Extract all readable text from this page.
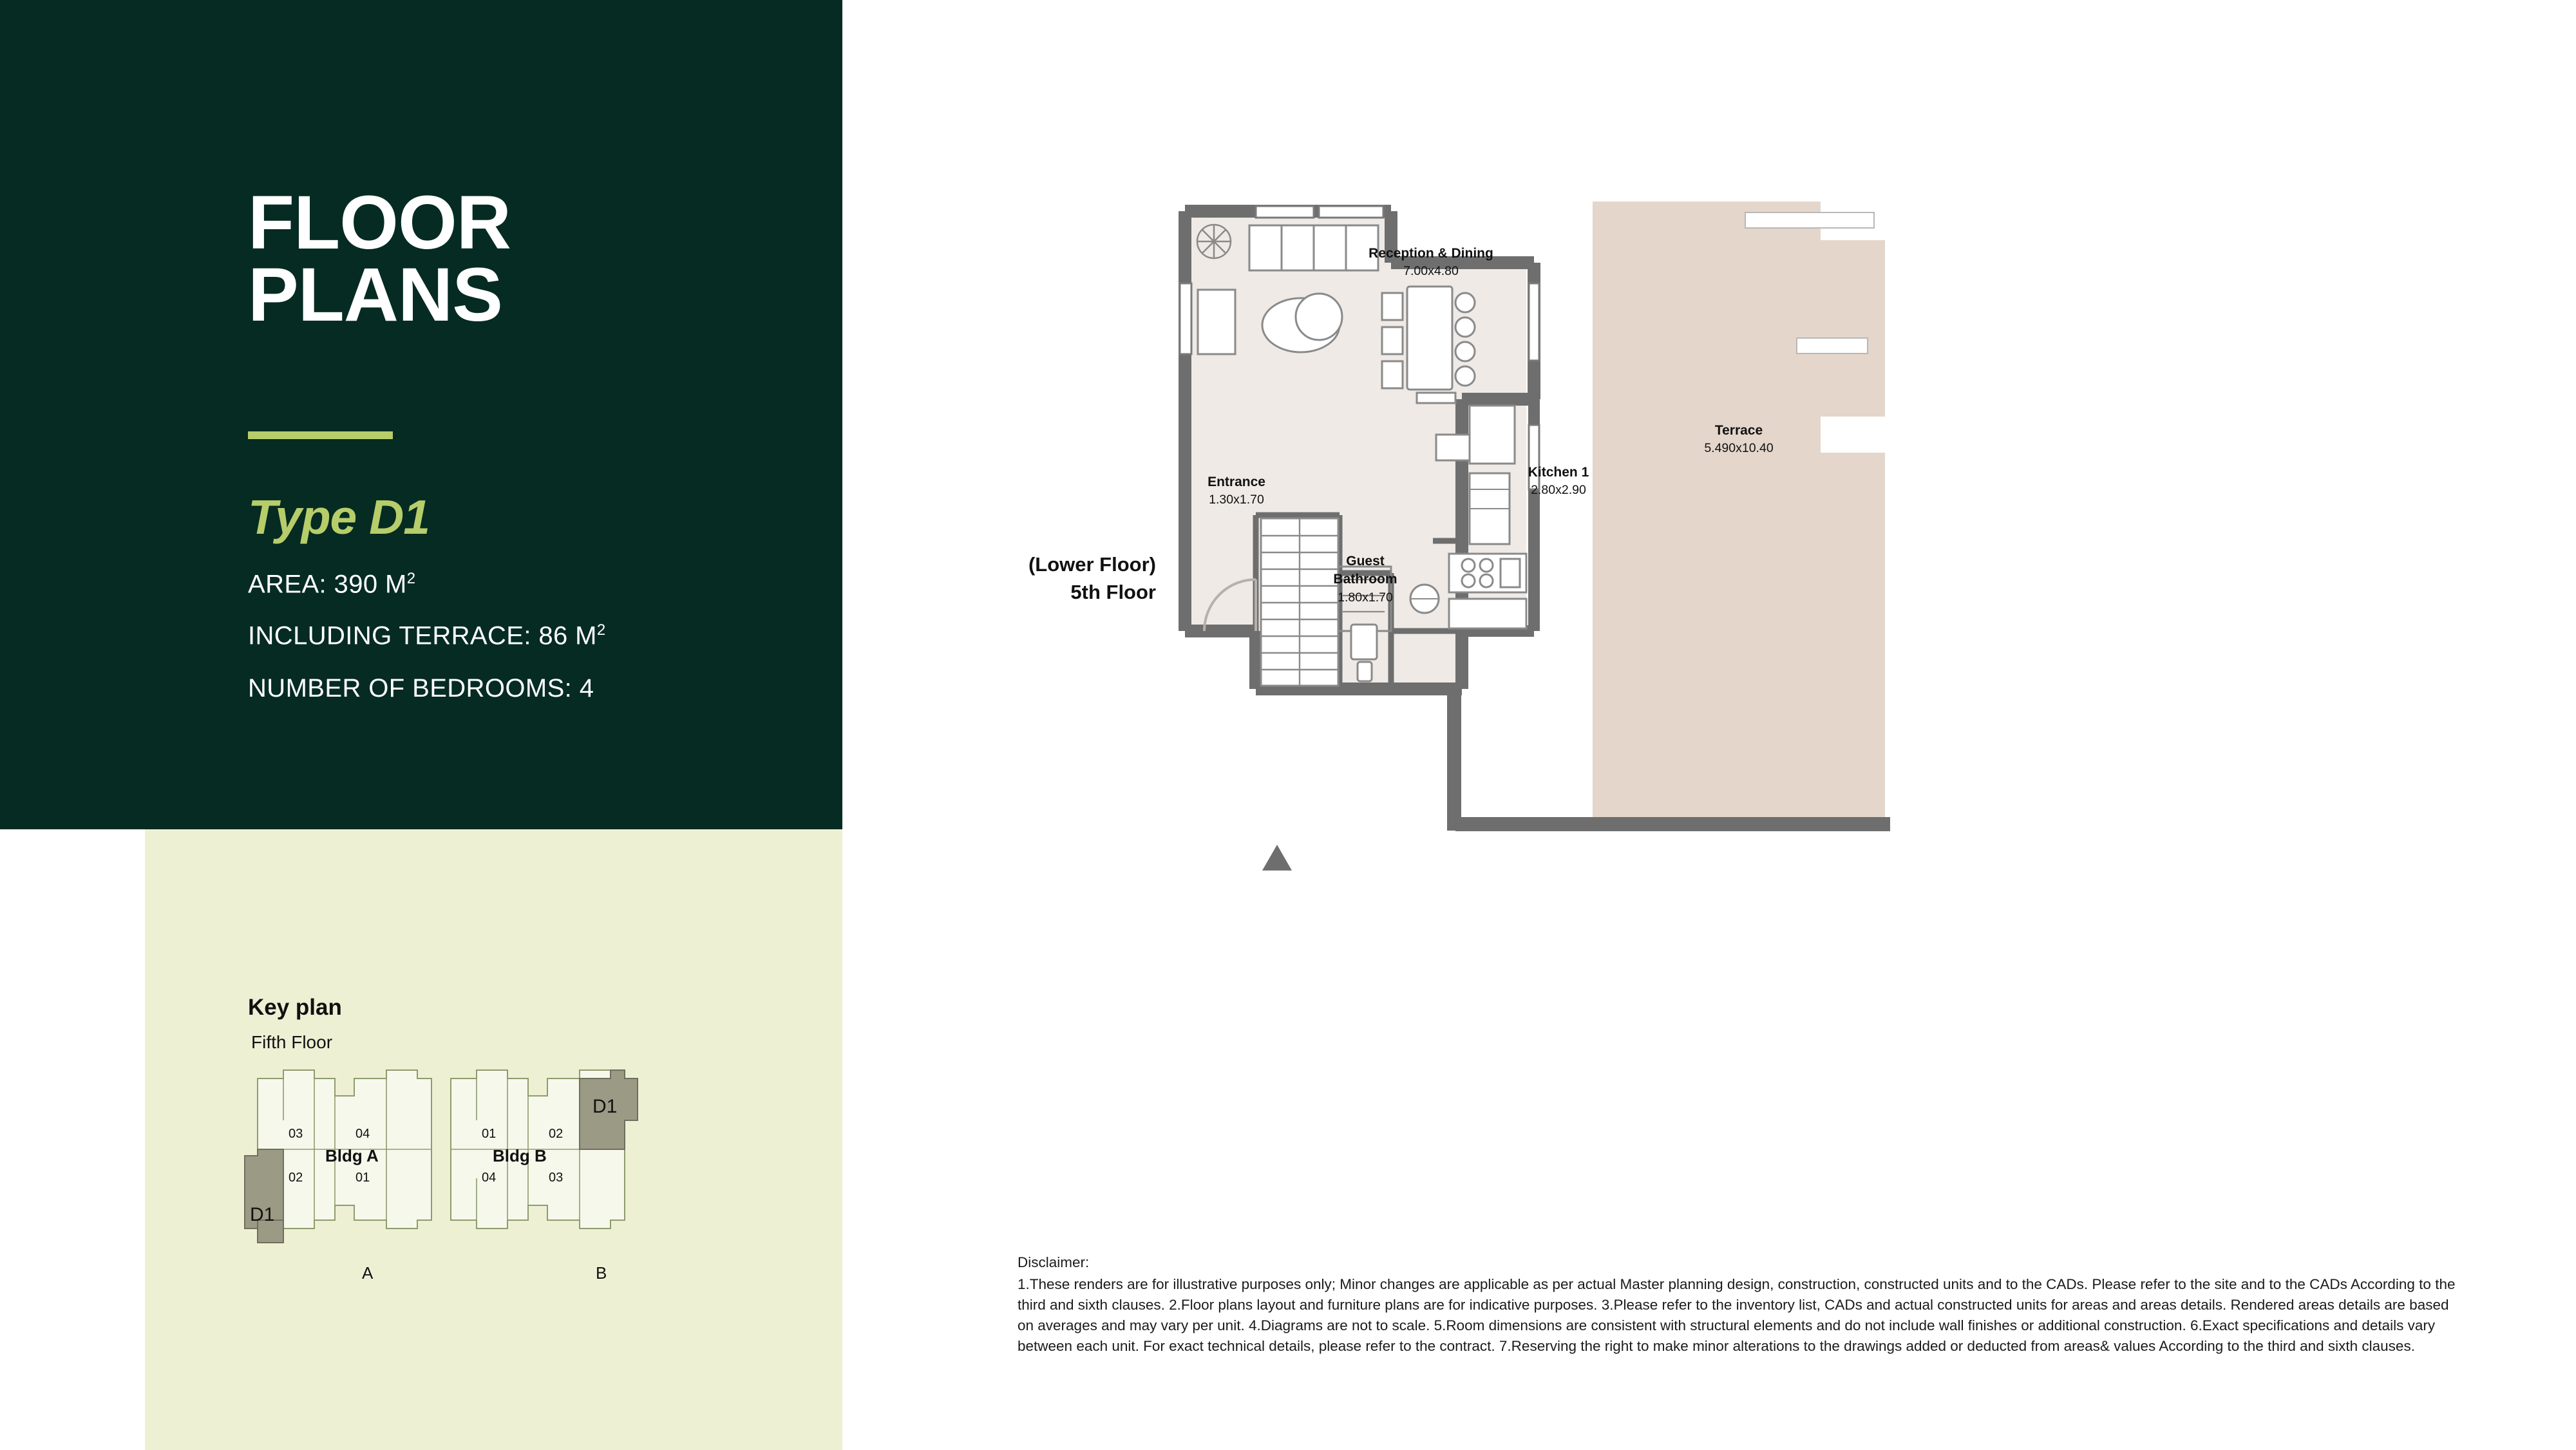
FLOOR
PLANS
Type D1
AREA: 390 $M^2$
INCLUDING TERRACE: 86 $M^2$
NUMBER OF BEDROOMS: 4
Key plan
Fifth Floor
Bldg A	Bldg B
03	04
02	01
01	02
04	03
D1
D1
A	B
(Lower Floor)
5th Floor
Reception & Dining
7.00x4.80
Entrance
1.30x1.70
Guest
Bathroom
1.80x1.70
Kitchen 1
2.80x2.90
Terrace
5.490x10.40
Disclaimer:
1.These renders are for illustrative purposes only; Minor changes are applicable as per actual Master planning design, construction, constructed units and to the CADs. Please refer to the site and to the CADs According to the third and sixth clauses. 2.Floor plans layout and furniture plans are for indicative purposes. 3.Please refer to the inventory list, CADs and actual constructed units for areas and areas details. Rendered areas details are based on averages and may vary per unit. 4.Diagrams are not to scale. 5.Room dimensions are consistent with structural elements and do not include wall finishes or additional construction. 6.Exact specifications and details vary between each unit. For exact technical details, please refer to the contract. 7.Reserving the right to make minor alterations to the drawings added or deducted from areas& values According to the third and sixth clauses.
